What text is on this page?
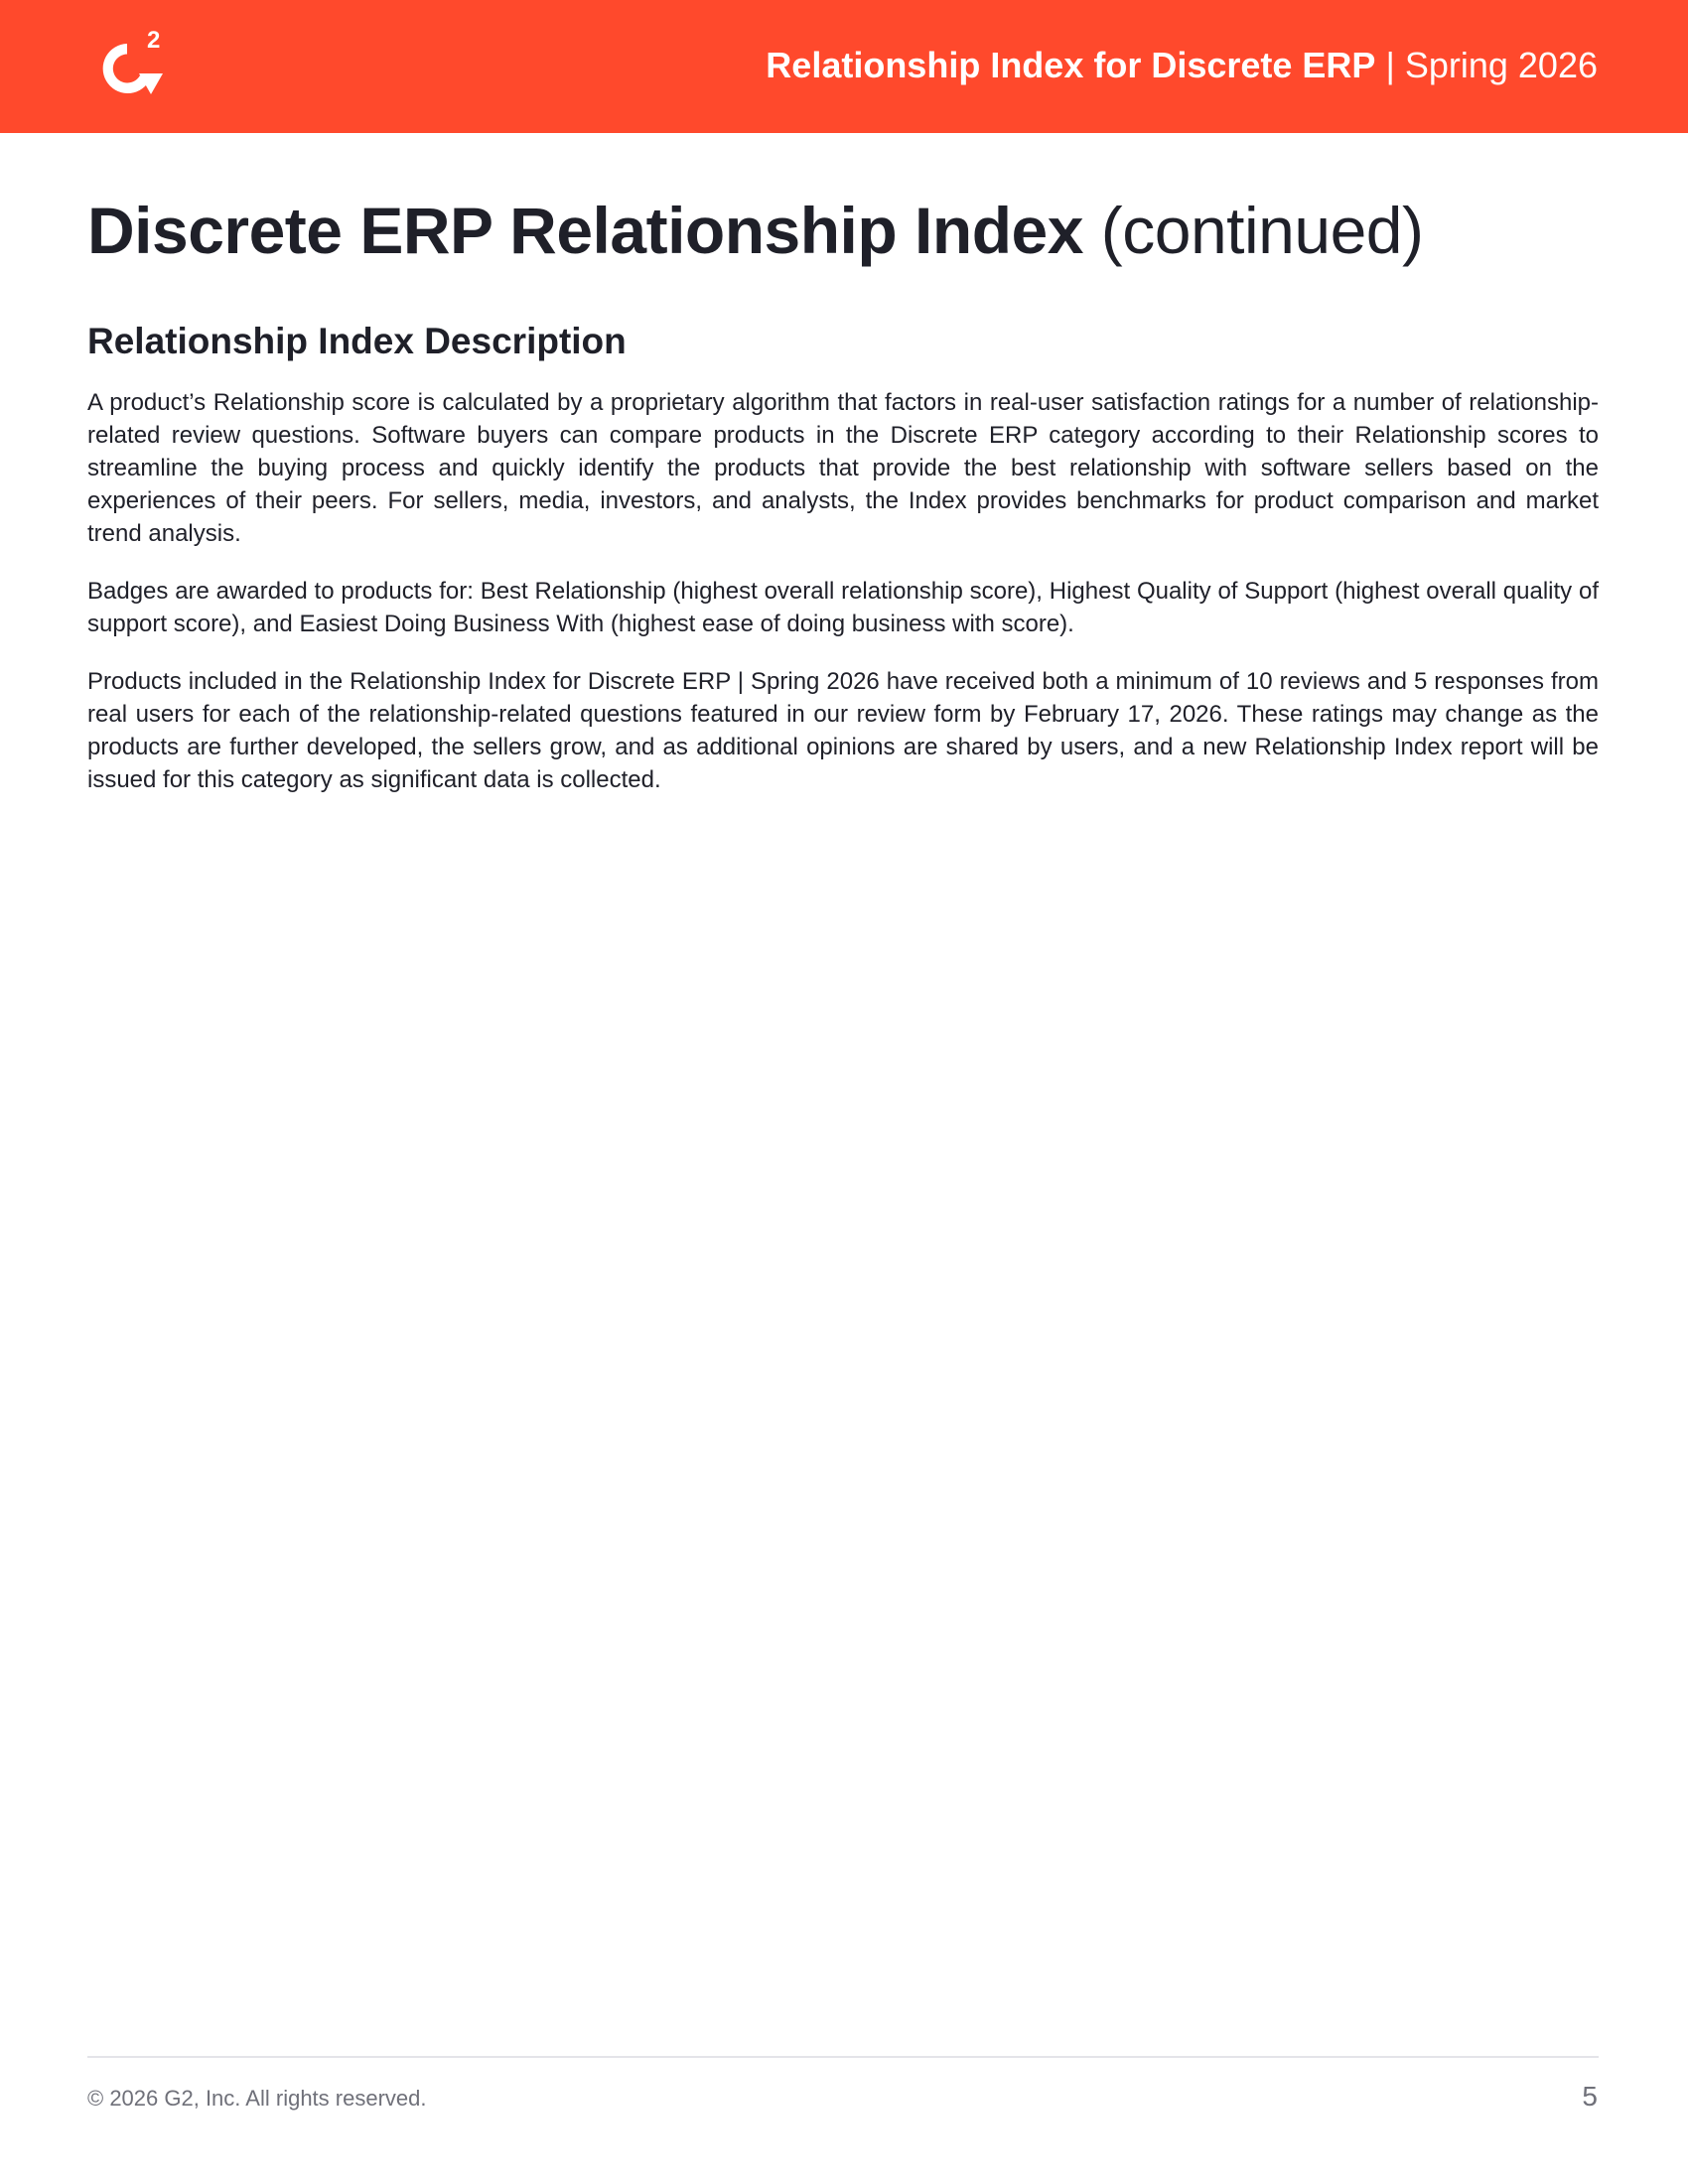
2
Relationship Index for Discrete ERP | Spring 2026
Discrete ERP Relationship Index (continued)
Relationship Index Description

A product’s Relationship score is calculated by a proprietary algorithm that factors in real-user satisfaction ratings for a number of relationship-related review questions. Software buyers can compare products in the Discrete ERP category according to their Relationship scores to streamline the buying process and quickly identify the products that provide the best relationship with software sellers based on the experiences of their peers. For sellers, media, investors, and analysts, the Index provides benchmarks for product comparison and market trend analysis.

Badges are awarded to products for: Best Relationship (highest overall relationship score), Highest Quality of Support (highest overall quality of support score), and Easiest Doing Business With (highest ease of doing business with score).

Products included in the Relationship Index for Discrete ERP | Spring 2026 have received both a minimum of 10 reviews and 5 responses from real users for each of the relationship-related questions featured in our review form by February 17, 2026. These ratings may change as the products are further developed, the sellers grow, and as additional opinions are shared by users, and a new Relationship Index report will be issued for this category as significant data is collected.

© 2026 G2, Inc. All rights reserved.	5
